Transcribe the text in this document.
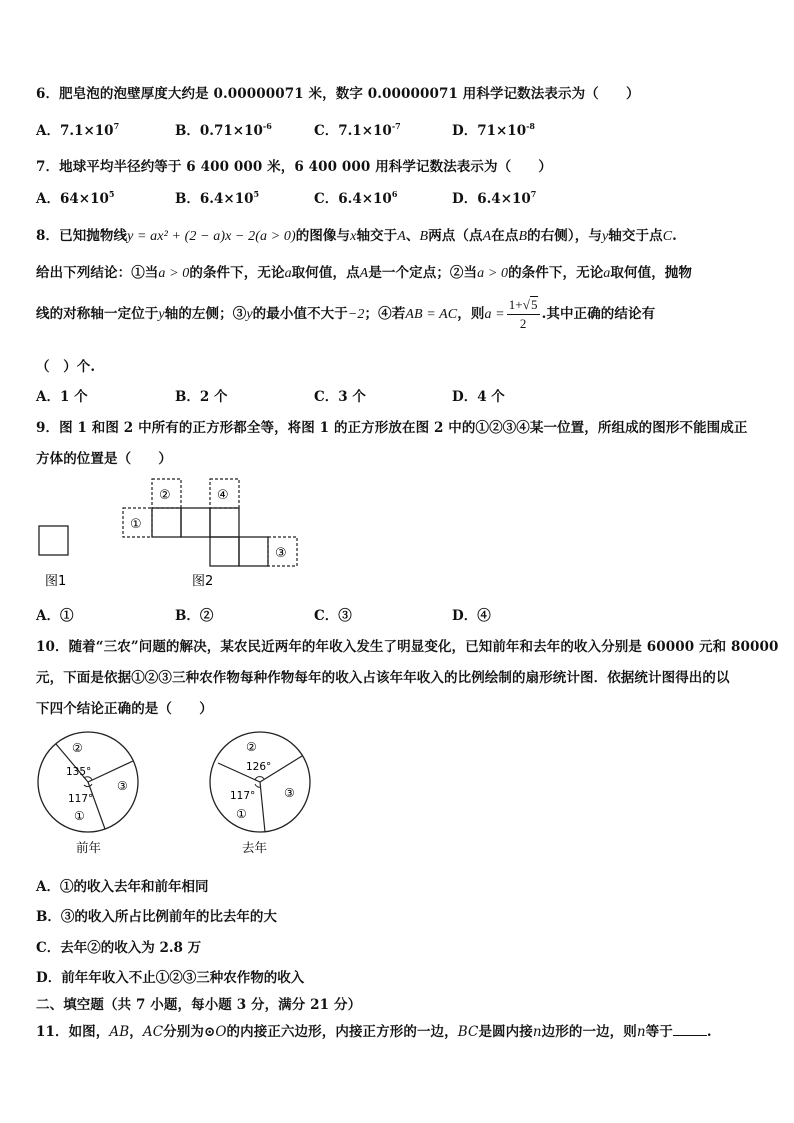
6．肥皂泡的泡壁厚度大约是 0.00000071 米，数字 0.00000071 用科学记数法表示为（　　）
A．$7.1\times 10^7$	B．$0.71\times 10^{-6}$	C．$7.1\times 10^{-7}$	D．$71\times 10^{-8}$
7．地球平均半径约等于 6 400 000 米，6 400 000 用科学记数法表示为（　　）
A．$64\times 10^5$	B．$6.4\times 10^5$	C．$6.4\times 10^6$	D．$6.4\times 10^7$
8．已知抛物线y = ax² + (2 − a)x − 2(a > 0)的图像与x轴交于A、B两点（点A在点B的右侧），与y轴交于点C.
给出下列结论：①当a > 0的条件下，无论a取何值，点A是一个定点；②当a > 0的条件下，无论a取何值，抛物
线的对称轴一定位于y轴的左侧；③y的最小值不大于−2；④若AB = AC，则$a = \frac{1+√5}{2}$ .其中正确的结论有
（　）个.
A．1 个	B．2 个	C．3 个	D．4 个
9．图 1 和图 2 中所有的正方形都全等，将图 1 的正方形放在图 2 中的①②③④某一位置，所组成的图形不能围成正
方体的位置是（　　）
图1
①
②	④
③
图2
A．①	B．②	C．③	D．④
10．随着“三农”问题的解决，某农民近两年的年收入发生了明显变化，已知前年和去年的收入分别是 60000 元和 80000
元，下面是依据①②③三种农作物每种作物每年的收入占该年年收入的比例绘制的扇形统计图．依据统计图得出的以
下四个结论正确的是（　　）
②
135°
③
117°
①
前年
②
126°
③
117°
①
去年
A．①的收入去年和前年相同
B．③的收入所占比例前年的比去年的大
C．去年②的收入为 2.8 万
D．前年年收入不止①②③三种农作物的收入
二、填空题（共 7 小题，每小题 3 分，满分 21 分）
11．如图，AB，AC分别为⊙O的内接正六边形，内接正方形的一边，BC是圆内接n边形的一边，则n等于	.
